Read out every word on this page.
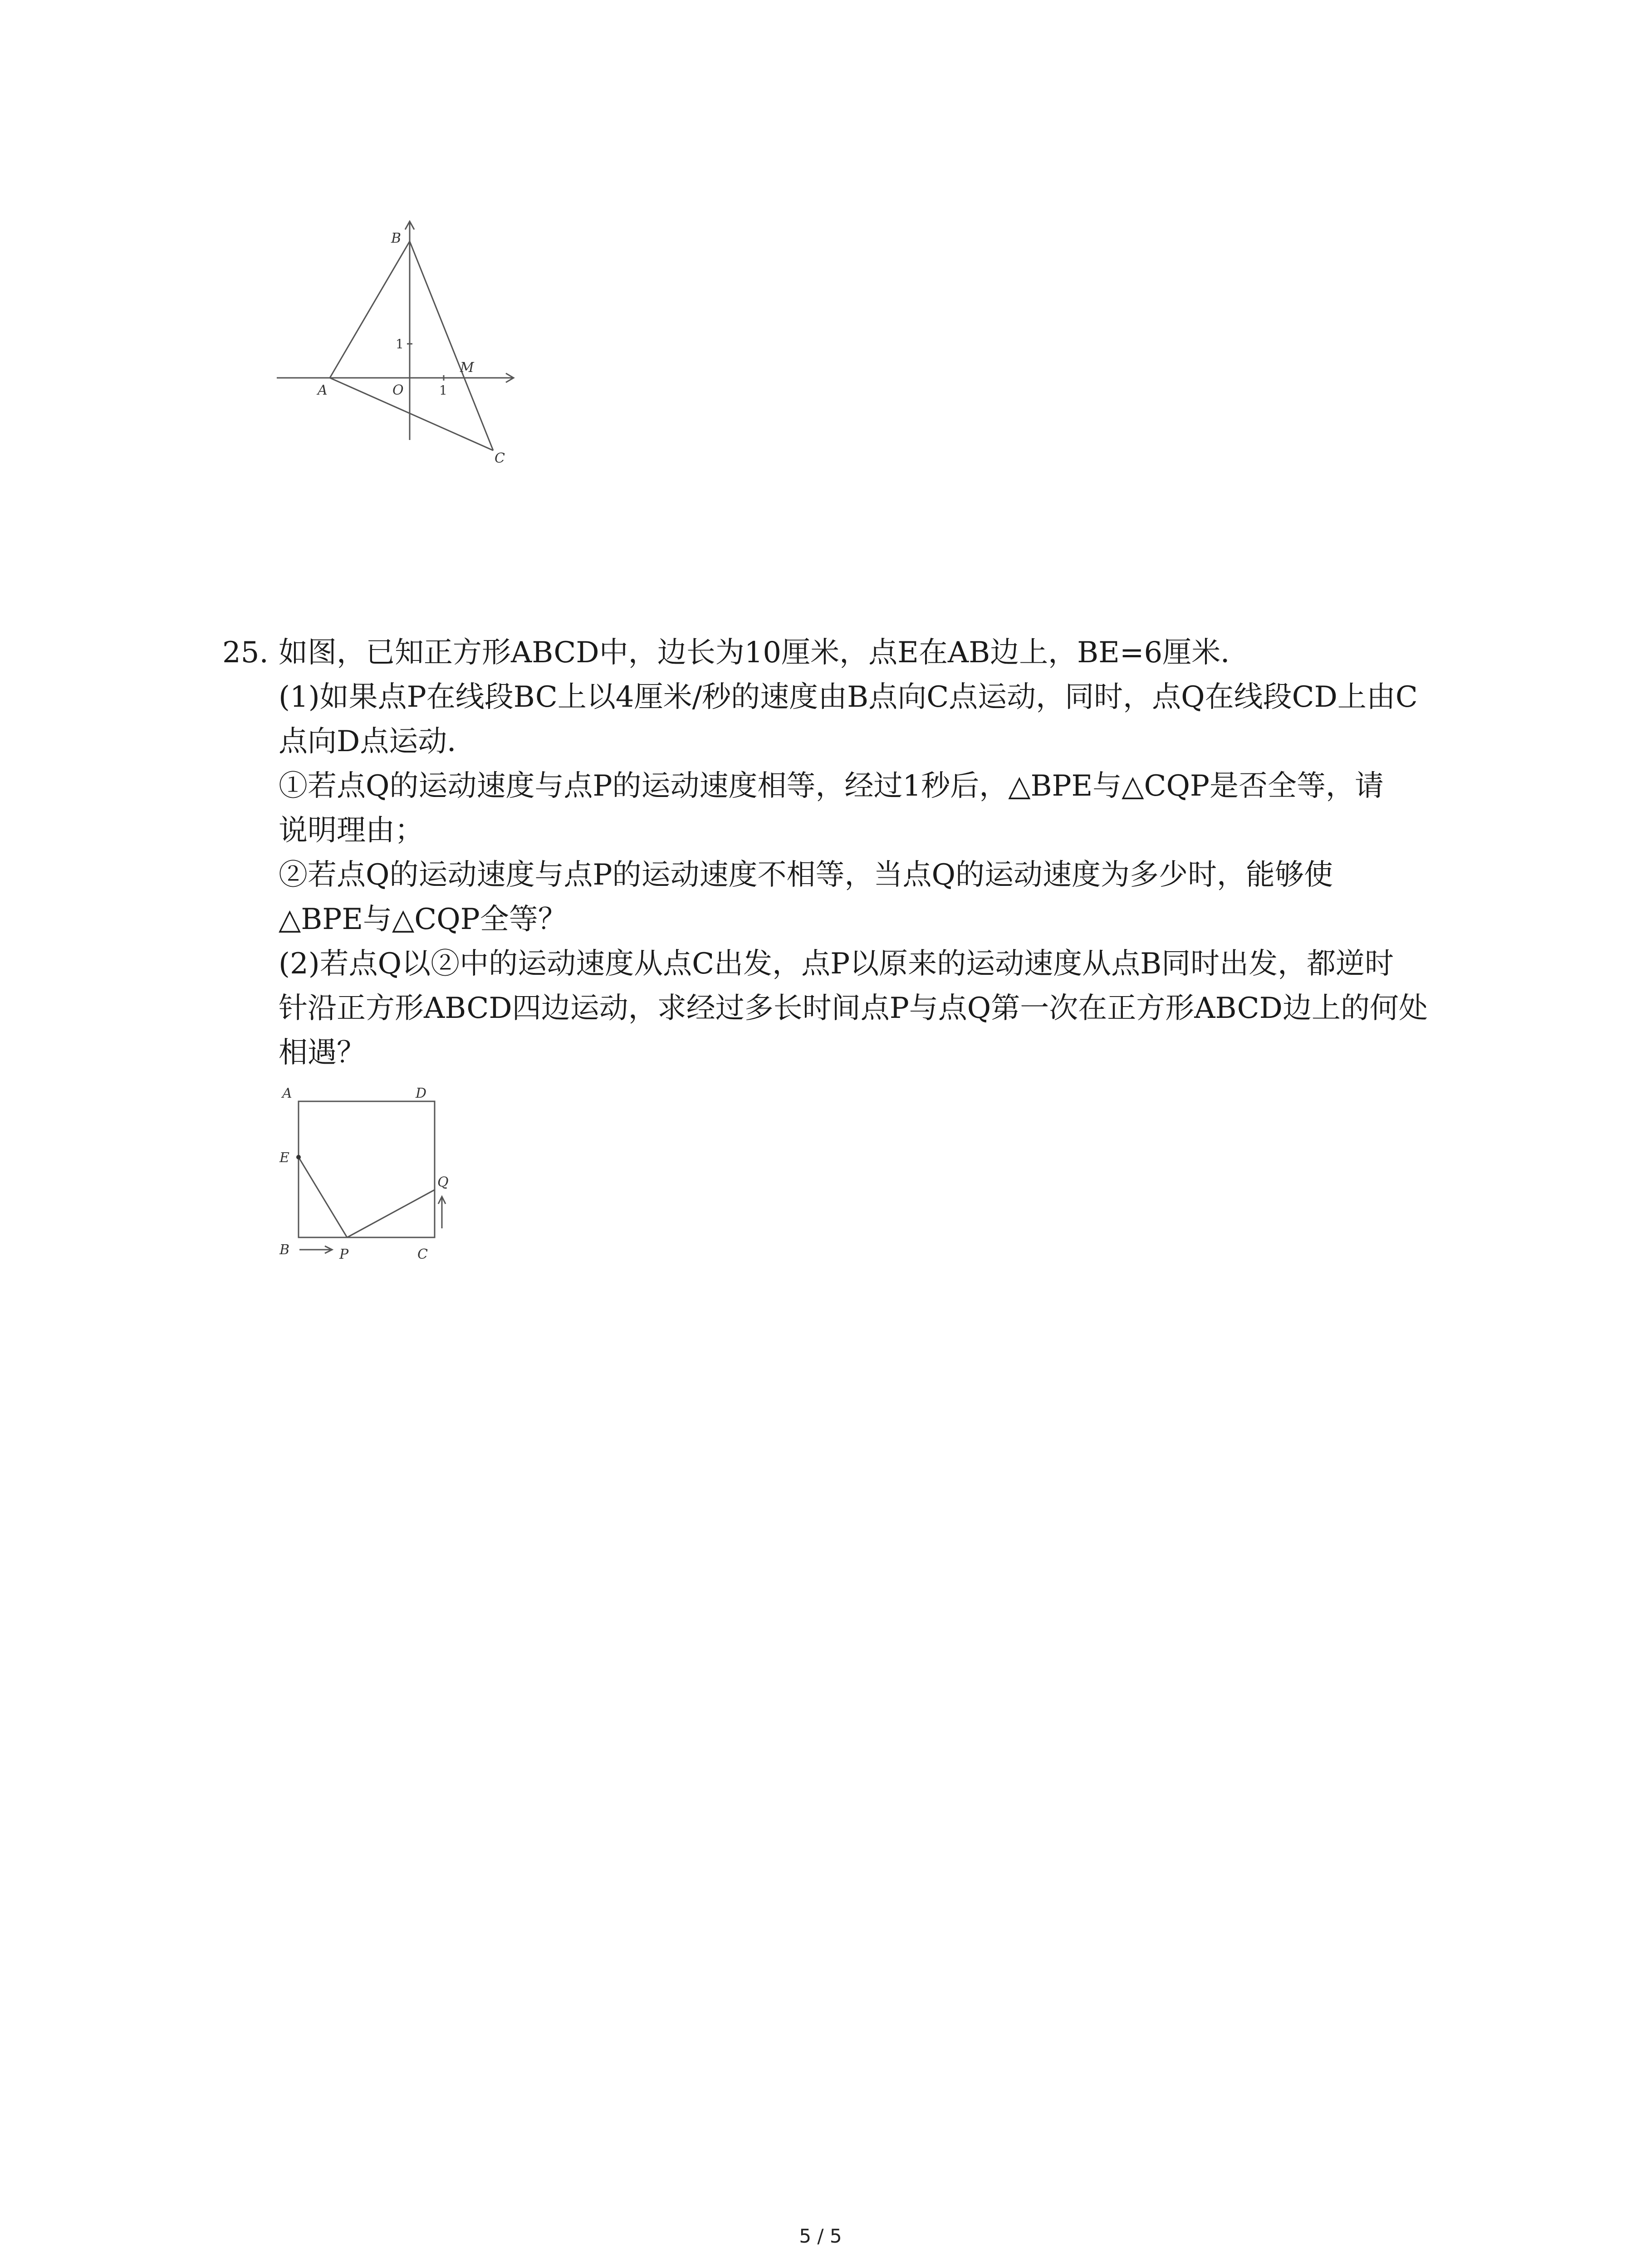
B
M
A	O
C
1
1
25. 如图，已知正方形ABCD中，边长为10厘米，点E在AB边上，BE=6厘米．
(1)如果点P在线段BC上以4厘米/秒的速度由B点向C点运动，同时，点Q在线段CD上由C
点向D点运动．
①若点Q的运动速度与点P的运动速度相等，经过1秒后，△BPE与△CQP是否全等，请
说明理由；
②若点Q的运动速度与点P的运动速度不相等，当点Q的运动速度为多少时，能够使
△BPE与△CQP全等？
(2)若点Q以②中的运动速度从点C出发，点P以原来的运动速度从点B同时出发，都逆时
针沿正方形ABCD四边运动，求经过多长时间点P与点Q第一次在正方形ABCD边上的何处
相遇？
A	D
E
Q
B	P	C
5 / 5
